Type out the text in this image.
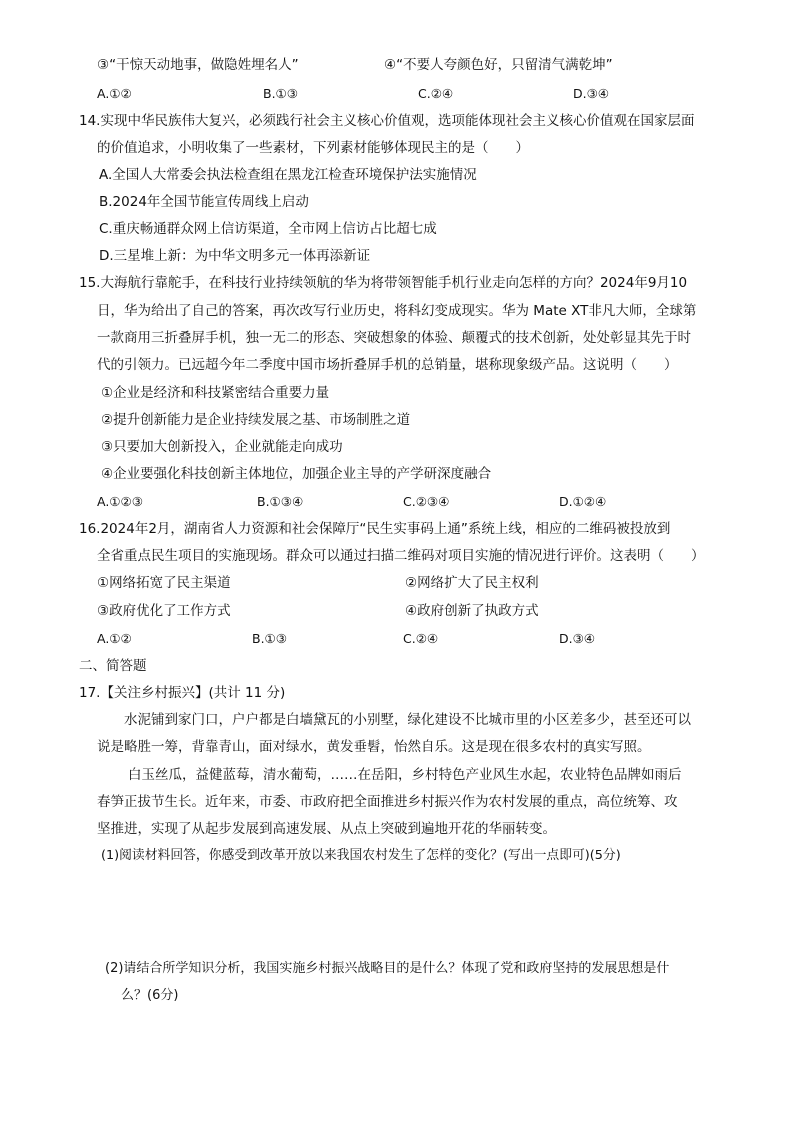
③“干惊天动地事，做隐姓埋名人”	④“不要人夸颜色好，只留清气满乾坤”
A.①②	B.①③	C.②④	D.③④
14.实现中华民族伟大复兴，必须践行社会主义核心价值观，选项能体现社会主义核心价值观在国家层面
的价值追求，小明收集了一些素材，下列素材能够体现民主的是（　　）
A.全国人大常委会执法检查组在黑龙江检查环境保护法实施情况
B.2024年全国节能宣传周线上启动
C.重庆畅通群众网上信访渠道，全市网上信访占比超七成
D.三星堆上新：为中华文明多元一体再添新证
15.大海航行靠舵手，在科技行业持续领航的华为将带领智能手机行业走向怎样的方向？2024年9月10
日，华为给出了自己的答案，再次改写行业历史，将科幻变成现实。华为 Mate XT非凡大师，全球第
一款商用三折叠屏手机，独一无二的形态、突破想象的体验、颠覆式的技术创新，处处彰显其先于时
代的引领力。已远超今年二季度中国市场折叠屏手机的总销量，堪称现象级产品。这说明（　　）
①企业是经济和科技紧密结合重要力量
②提升创新能力是企业持续发展之基、市场制胜之道
③只要加大创新投入，企业就能走向成功
④企业要强化科技创新主体地位，加强企业主导的产学研深度融合
A.①②③	B.①③④	C.②③④	D.①②④
16.2024年2月，湖南省人力资源和社会保障厅“民生实事码上通”系统上线，相应的二维码被投放到
全省重点民生项目的实施现场。群众可以通过扫描二维码对项目实施的情况进行评价。这表明（　　）
①网络拓宽了民主渠道	②网络扩大了民主权利
③政府优化了工作方式	④政府创新了执政方式
A.①②	B.①③	C.②④	D.③④
二、简答题
17.【关注乡村振兴】(共计 11 分)
水泥铺到家门口，户户都是白墙黛瓦的小别墅，绿化建设不比城市里的小区差多少，甚至还可以
说是略胜一筹，背靠青山，面对绿水，黄发垂髫，怡然自乐。这是现在很多农村的真实写照。
白玉丝瓜，益健蓝莓，清水葡萄，……在岳阳，乡村特色产业风生水起，农业特色品牌如雨后
春笋正拔节生长。近年来，市委、市政府把全面推进乡村振兴作为农村发展的重点，高位统筹、攻
坚推进，实现了从起步发展到高速发展、从点上突破到遍地开花的华丽转变。
(1)阅读材料回答，你感受到改革开放以来我国农村发生了怎样的变化？(写出一点即可)(5分)
(2)请结合所学知识分析，我国实施乡村振兴战略目的是什么？体现了党和政府坚持的发展思想是什
么？(6分)
